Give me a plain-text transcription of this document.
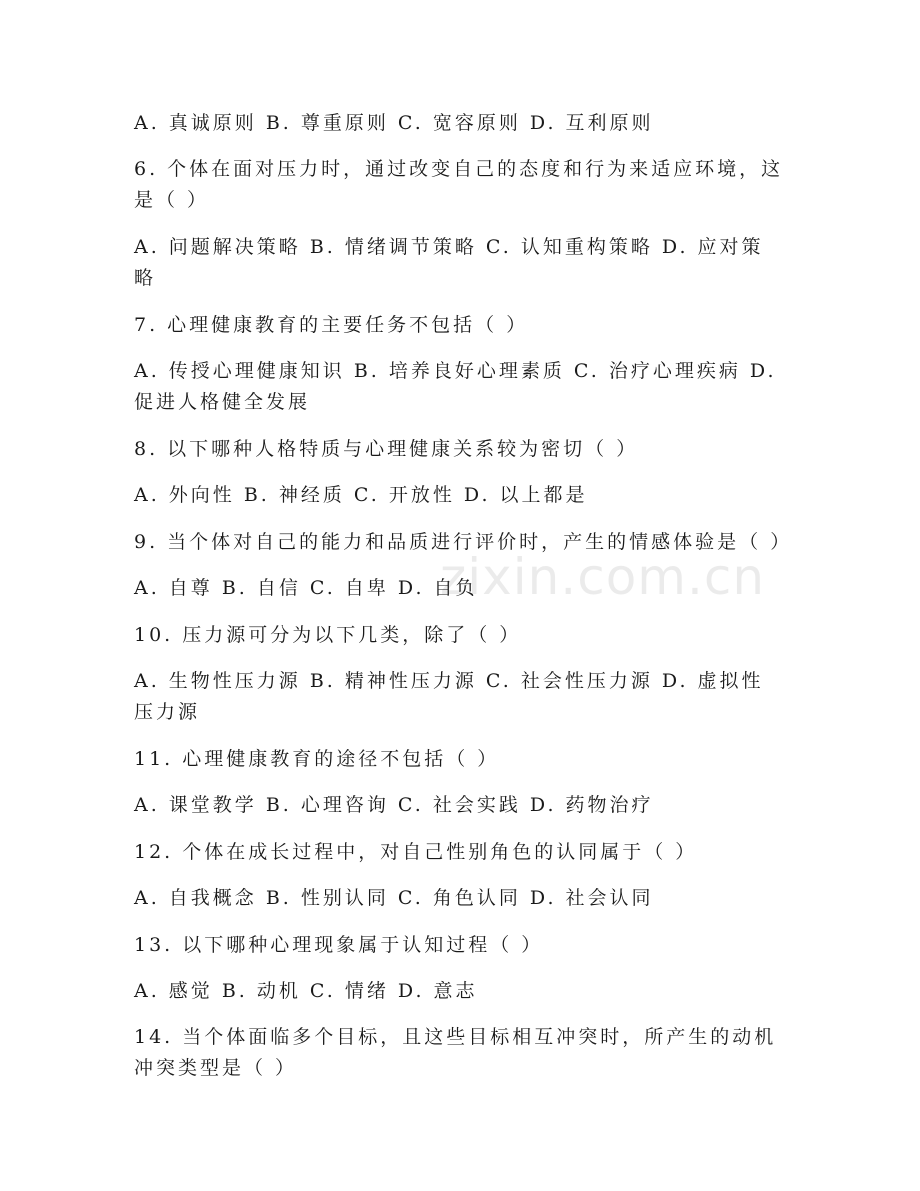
A. 真诚原则 B. 尊重原则 C. 宽容原则 D. 互利原则
6. 个体在面对压力时，通过改变自己的态度和行为来适应环境，这是（ ）
A. 问题解决策略 B. 情绪调节策略 C. 认知重构策略 D. 应对策略
7. 心理健康教育的主要任务不包括（ ）
A. 传授心理健康知识 B. 培养良好心理素质 C. 治疗心理疾病 D. 促进人格健全发展
8. 以下哪种人格特质与心理健康关系较为密切（ ）
A. 外向性 B. 神经质 C. 开放性 D. 以上都是
9. 当个体对自己的能力和品质进行评价时，产生的情感体验是（ ）
A. 自尊 B. 自信 C. 自卑 D. 自负
10. 压力源可分为以下几类，除了（ ）
A. 生物性压力源 B. 精神性压力源 C. 社会性压力源 D. 虚拟性压力源
11. 心理健康教育的途径不包括（ ）
A. 课堂教学 B. 心理咨询 C. 社会实践 D. 药物治疗
12. 个体在成长过程中，对自己性别角色的认同属于（ ）
A. 自我概念 B. 性别认同 C. 角色认同 D. 社会认同
13. 以下哪种心理现象属于认知过程（ ）
A. 感觉 B. 动机 C. 情绪 D. 意志
14. 当个体面临多个目标，且这些目标相互冲突时，所产生的动机冲突类型是（ ）
zixin.com.cn
